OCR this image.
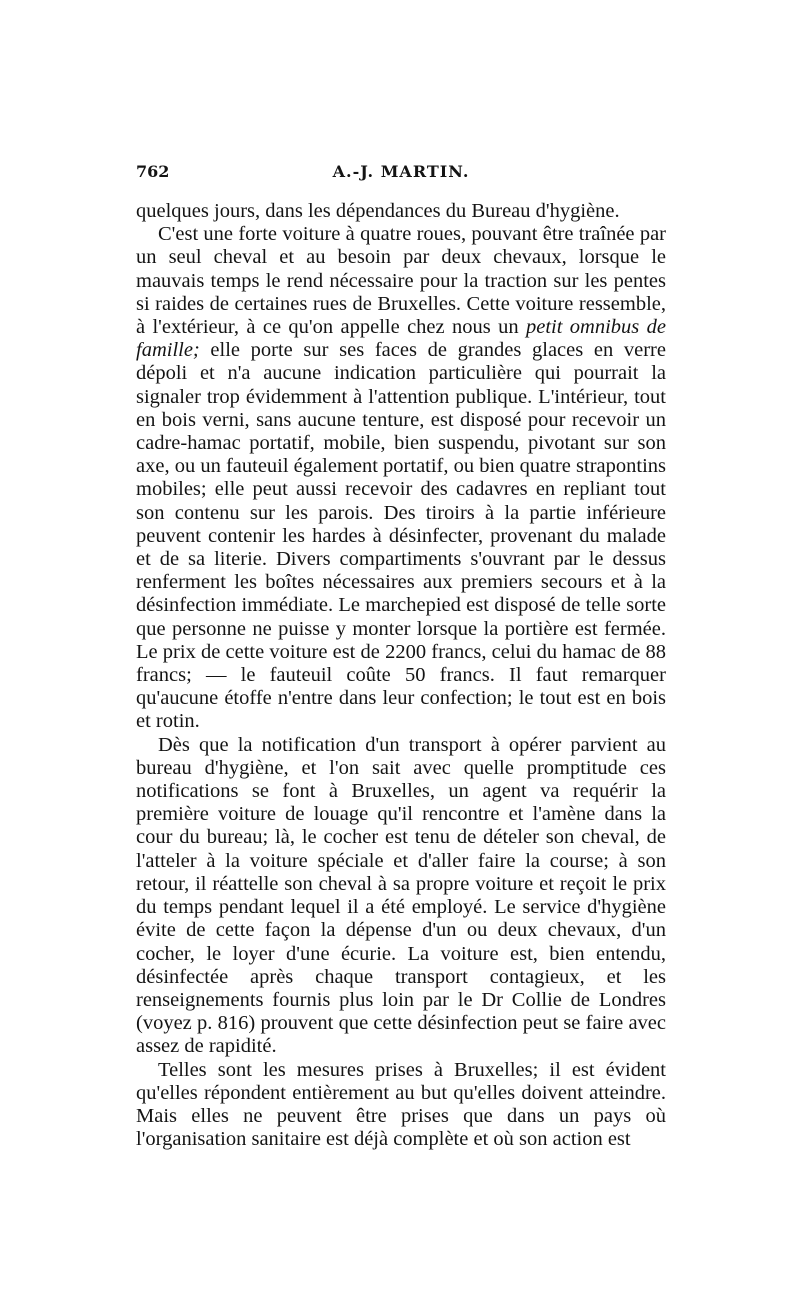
762	A.-J. MARTIN.

quelques jours, dans les dépendances du Bureau d'hygiène.

C'est une forte voiture à quatre roues, pouvant être traînée par un seul cheval et au besoin par deux chevaux, lorsque le mauvais temps le rend nécessaire pour la traction sur les pentes si raides de certaines rues de Bruxelles. Cette voiture ressemble, à l'extérieur, à ce qu'on appelle chez nous un petit omnibus de famille; elle porte sur ses faces de grandes glaces en verre dépoli et n'a aucune indication particulière qui pourrait la signaler trop évidemment à l'attention publique. L'intérieur, tout en bois verni, sans aucune tenture, est disposé pour recevoir un cadre-hamac portatif, mobile, bien suspendu, pivotant sur son axe, ou un fauteuil également portatif, ou bien quatre strapontins mobiles; elle peut aussi recevoir des cadavres en repliant tout son contenu sur les parois. Des tiroirs à la partie inférieure peuvent contenir les hardes à désinfecter, provenant du malade et de sa literie. Divers compartiments s'ouvrant par le dessus renferment les boîtes nécessaires aux premiers secours et à la désinfection immédiate. Le marchepied est disposé de telle sorte que personne ne puisse y monter lorsque la portière est fermée. Le prix de cette voiture est de 2200 francs, celui du hamac de 88 francs; — le fauteuil coûte 50 francs. Il faut remarquer qu'aucune étoffe n'entre dans leur confection; le tout est en bois et rotin.

Dès que la notification d'un transport à opérer parvient au bureau d'hygiène, et l'on sait avec quelle promptitude ces notifications se font à Bruxelles, un agent va requérir la première voiture de louage qu'il rencontre et l'amène dans la cour du bureau; là, le cocher est tenu de dételer son cheval, de l'atteler à la voiture spéciale et d'aller faire la course; à son retour, il réattelle son cheval à sa propre voiture et reçoit le prix du temps pendant lequel il a été employé. Le service d'hygiène évite de cette façon la dépense d'un ou deux chevaux, d'un cocher, le loyer d'une écurie. La voiture est, bien entendu, désinfectée après chaque transport contagieux, et les renseignements fournis plus loin par le Dr Collie de Londres (voyez p. 816) prouvent que cette désinfection peut se faire avec assez de rapidité.

Telles sont les mesures prises à Bruxelles; il est évident qu'elles répondent entièrement au but qu'elles doivent atteindre. Mais elles ne peuvent être prises que dans un pays où l'organisation sanitaire est déjà complète et où son action est
